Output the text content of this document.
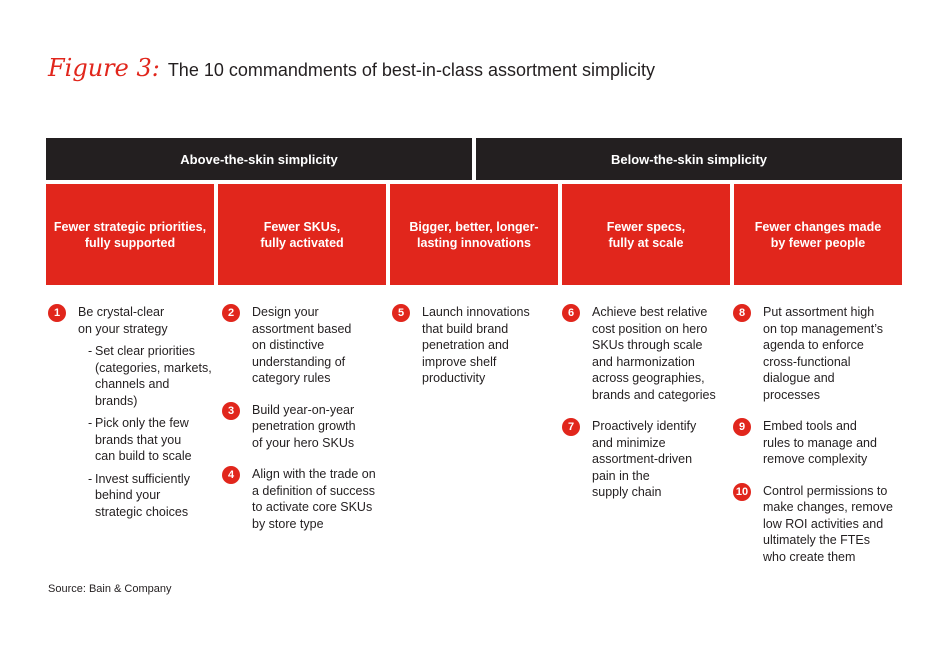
Figure 3: The 10 commandments of best-in-class assortment simplicity
Above-the-skin simplicity	Below-the-skin simplicity
Fewer strategic priorities,
fully supported
Fewer SKUs,
fully activated
Bigger, better, longer-
lasting innovations
Fewer specs,
fully at scale
Fewer changes made
by fewer people
1	Be crystal-clear
on your strategy
- Set clear priorities
(categories, markets,
channels and brands)
- Pick only the few
brands that you
can build to scale
- Invest sufficiently
behind your
strategic choices
2	Design your
assortment based
on distinctive
understanding of
category rules
3	Build year-on-year
penetration growth
of your hero SKUs
4	Align with the trade on
a definition of success
to activate core SKUs
by store type
5	Launch innovations
that build brand
penetration and
improve shelf
productivity
6	Achieve best relative
cost position on hero
SKUs through scale
and harmonization
across geographies,
brands and categories
7	Proactively identify
and minimize
assortment-driven
pain in the
supply chain
8	Put assortment high
on top management’s
agenda to enforce
cross-functional
dialogue and
processes
9	Embed tools and
rules to manage and
remove complexity
10 Control permissions to
make changes, remove
low ROI activities and
ultimately the FTEs
who create them
Source: Bain & Company
